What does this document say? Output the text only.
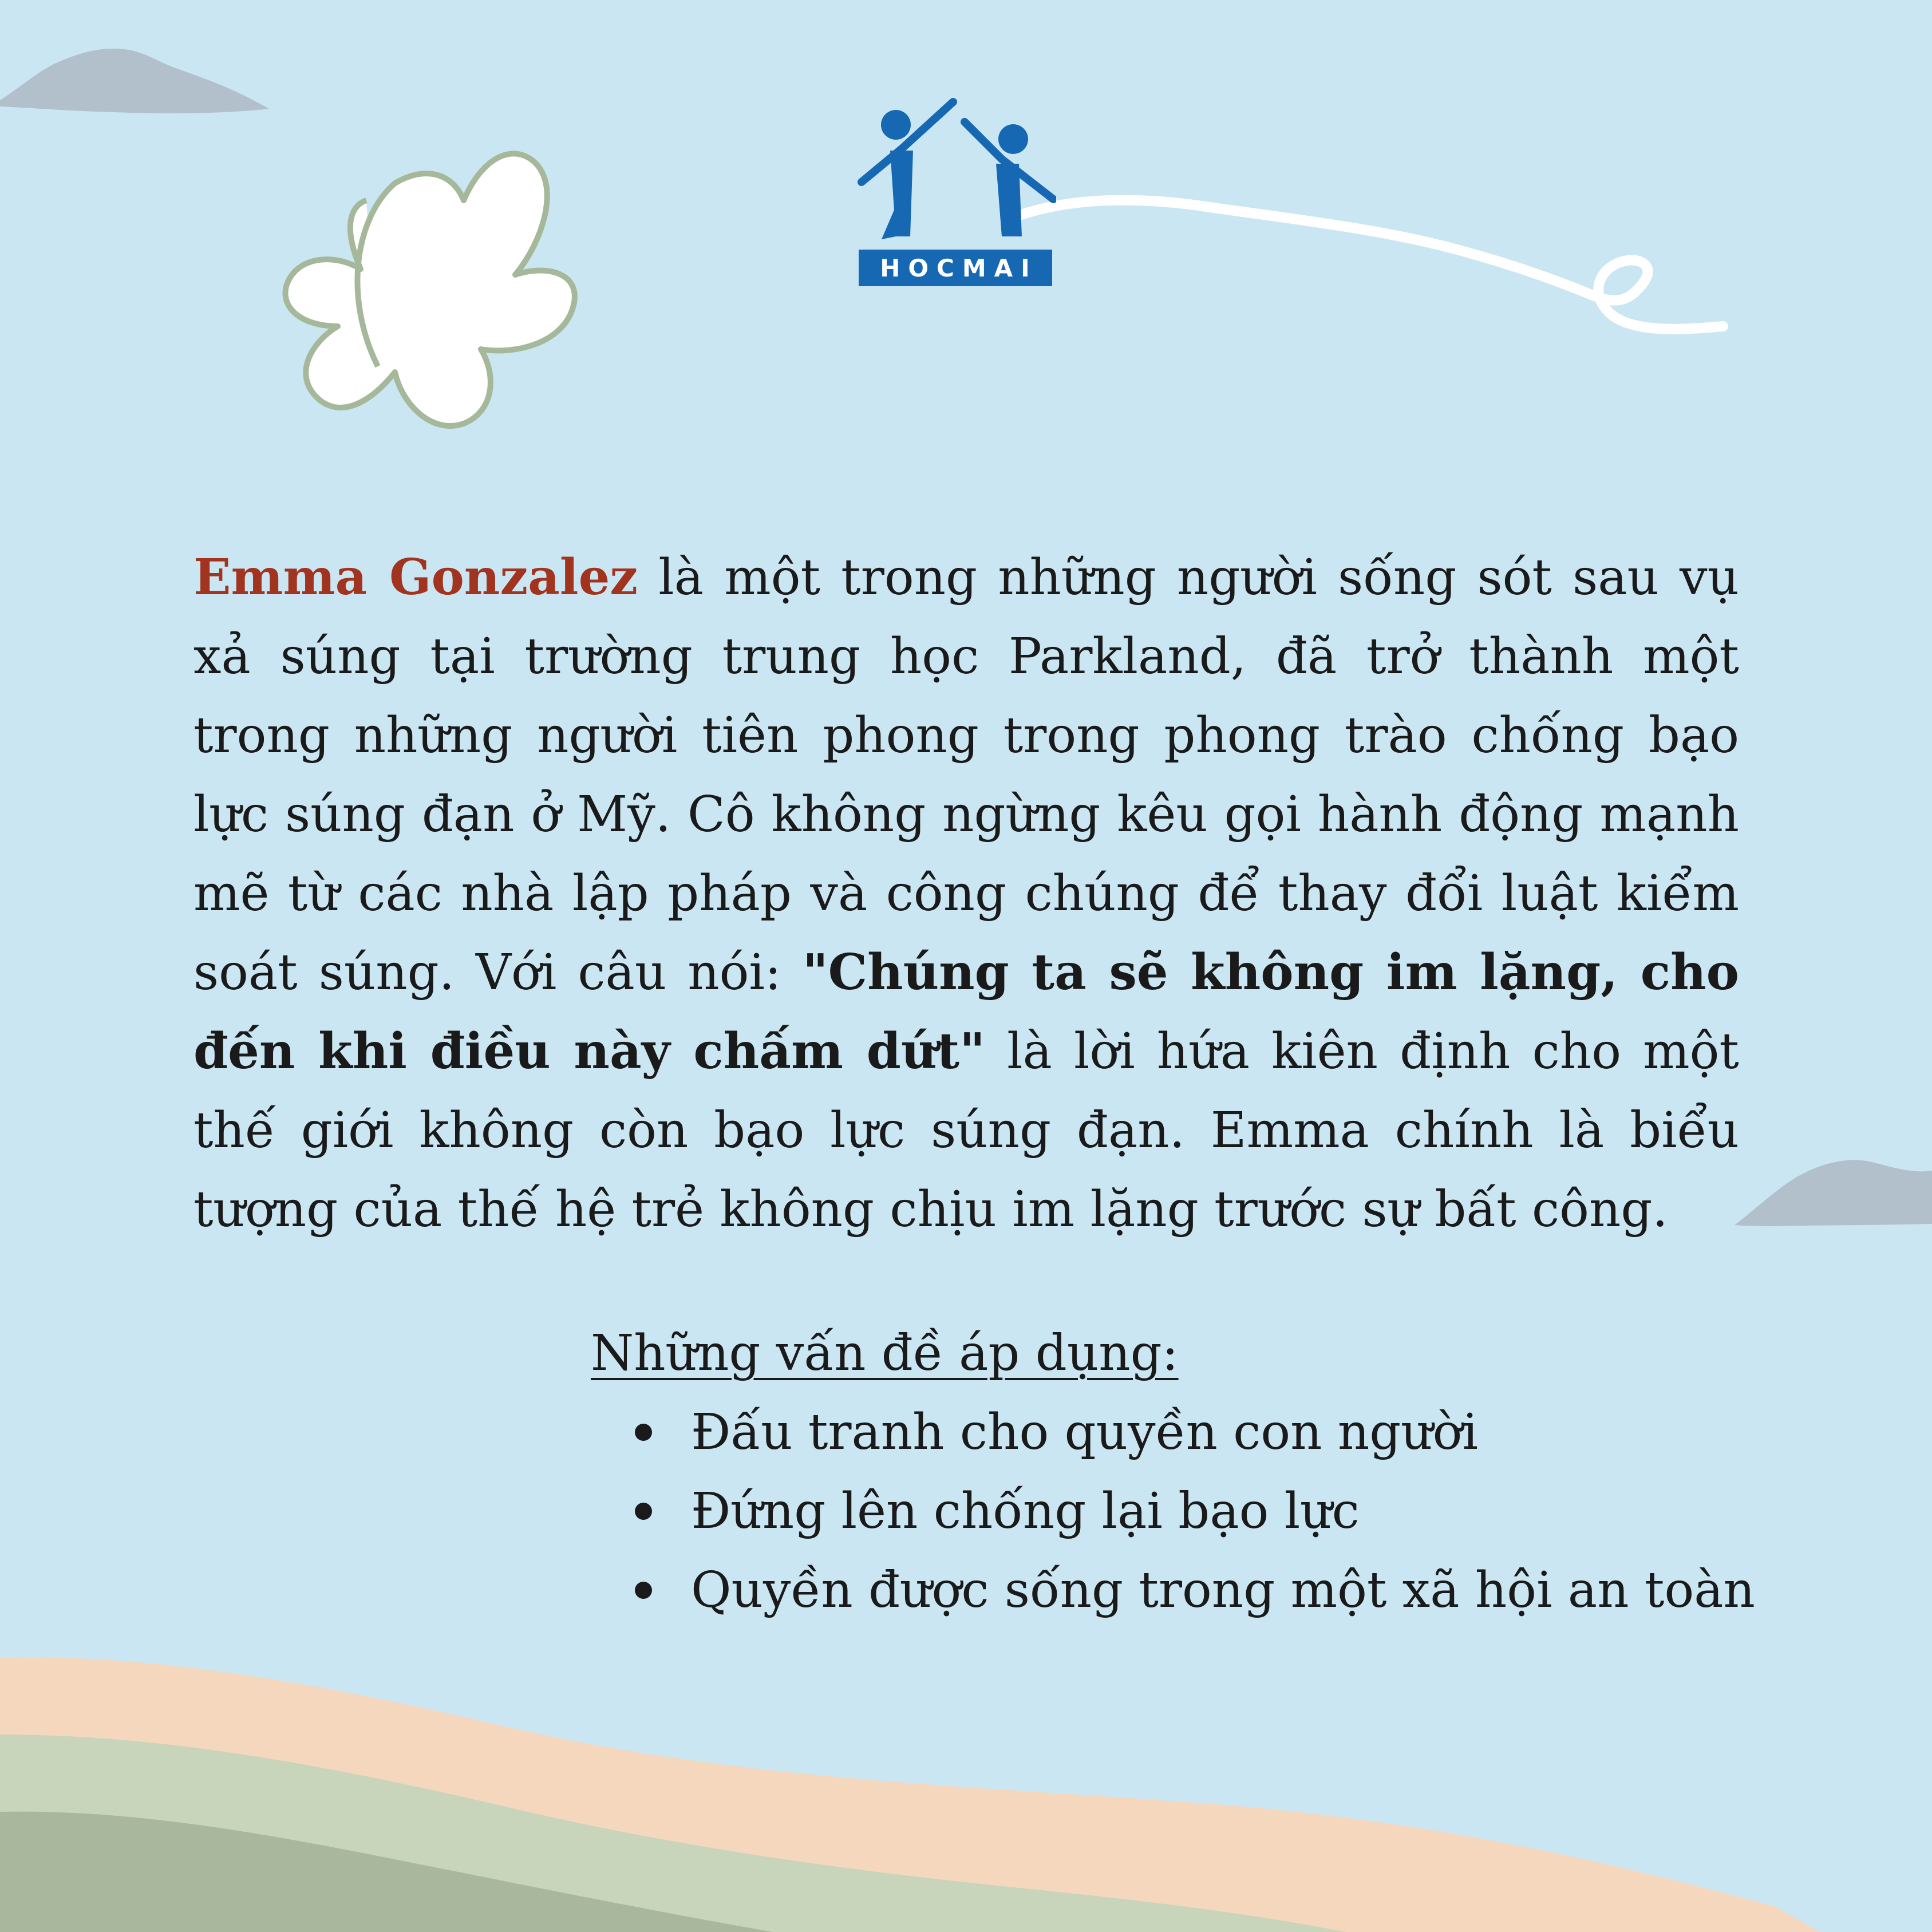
HOCMAI

Emma Gonzalez là một trong những người sống sót sau vụ xả súng tại trường trung học Parkland, đã trở thành một trong những người tiên phong trong phong trào chống bạo lực súng đạn ở Mỹ. Cô không ngừng kêu gọi hành động mạnh mẽ từ các nhà lập pháp và công chúng để thay đổi luật kiểm soát súng. Với câu nói: "Chúng ta sẽ không im lặng, cho đến khi điều này chấm dứt" là lời hứa kiên định cho một thế giới không còn bạo lực súng đạn. Emma chính là biểu tượng của thế hệ trẻ không chịu im lặng trước sự bất công.

Những vấn đề áp dụng:
Đấu tranh cho quyền con người
Đứng lên chống lại bạo lực
Quyền được sống trong một xã hội an toàn
